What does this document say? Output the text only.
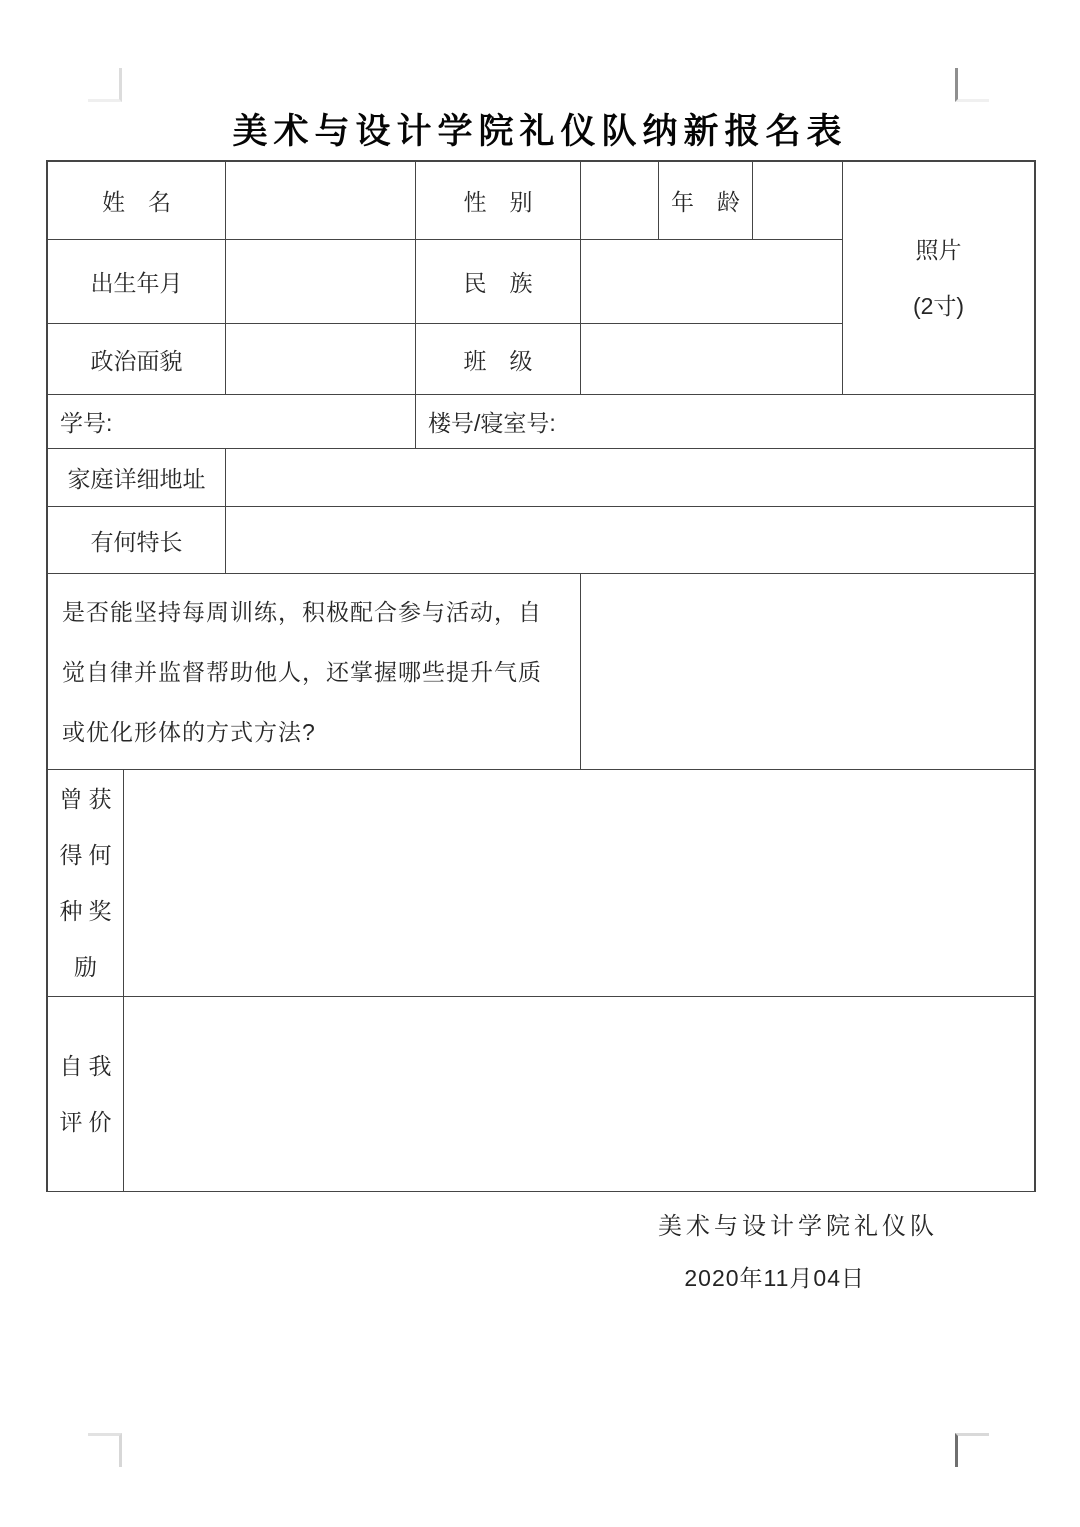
美术与设计学院礼仪队纳新报名表
姓　名	性　别	年　龄
照片
(2寸)
出生年月	民　族
政治面貌	班　级
学号:	楼号/寝室号:
家庭详细地址
有何特长
是否能坚持每周训练，积极配合参与活动，自
觉自律并监督帮助他人，还掌握哪些提升气质
或优化形体的方式方法?
曾获
得何
种奖
励
自我
评价
美术与设计学院礼仪队
2020年11月04日
